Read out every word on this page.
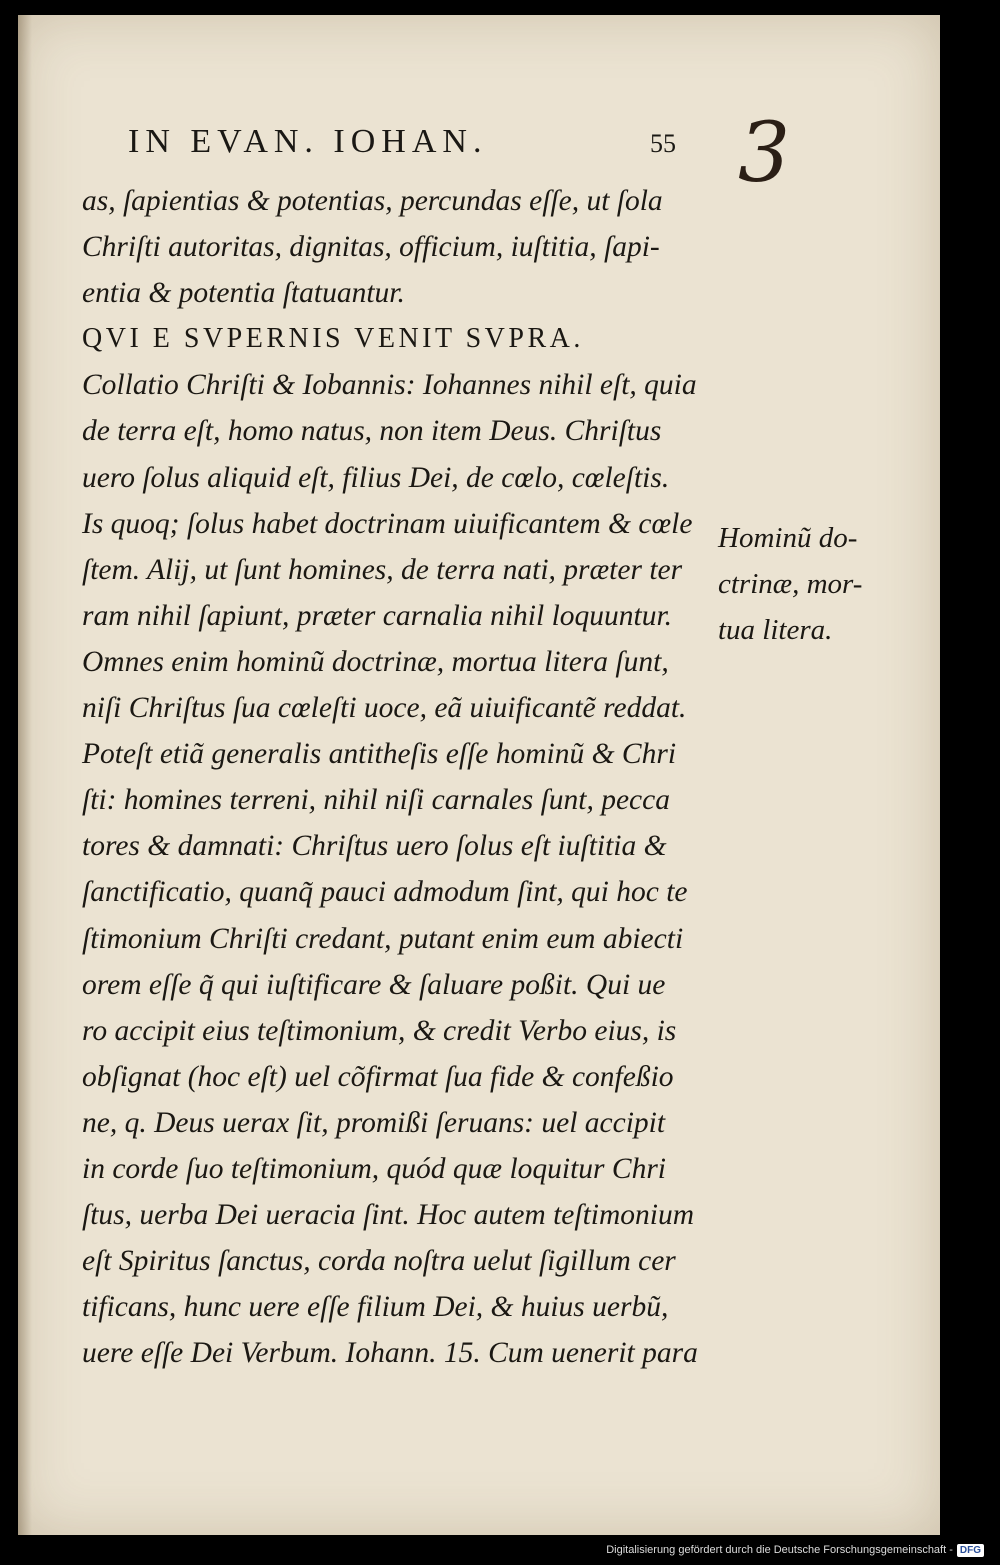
IN EVAN. IOHAN.	55 3
as, ſapientias & potentias, percundas eſſe, ut ſola
Chriſti autoritas, dignitas, officium, iuſtitia, ſapi-
entia & potentia ſtatuantur.
QVI E SVPERNIS VENIT SVPRA.
Collatio Chriſti & Iobannis: Iohannes nihil eſt, quia
de terra eſt, homo natus, non item Deus. Chriſtus
uero ſolus aliquid eſt, filius Dei, de cœlo, cœleſtis.
Is quoq; ſolus habet doctrinam uiuificantem & cœle
ſtem. Alij, ut ſunt homines, de terra nati, præter ter
ram nihil ſapiunt, præter carnalia nihil loquuntur.
Omnes enim hominũ doctrinæ, mortua litera ſunt,
niſi Chriſtus ſua cœleſti uoce, eã uiuificantẽ reddat.
Poteſt etiã generalis antitheſis eſſe hominũ & Chri
ſti: homines terreni, nihil niſi carnales ſunt, pecca
tores & damnati: Chriſtus uero ſolus eſt iuſtitia &
ſanctificatio, quanq̃ pauci admodum ſint, qui hoc te
ſtimonium Chriſti credant, putant enim eum abiecti
orem eſſe q̃ qui iuſtificare & ſaluare poßit. Qui ue
ro accipit eius teſtimonium, & credit Verbo eius, is
obſignat (hoc eſt) uel cõfirmat ſua fide & confeßio
ne, q. Deus uerax ſit, promißi ſeruans: uel accipit
in corde ſuo teſtimonium, quód quæ loquitur Chri
ſtus, uerba Dei ueracia ſint. Hoc autem teſtimonium
eſt Spiritus ſanctus, corda noſtra uelut ſigillum cer
tificans, hunc uere eſſe filium Dei, & huius uerbũ,
uere eſſe Dei Verbum. Iohann. 15. Cum uenerit para
Hominũ do-
ctrinæ, mor-
tua litera.
Digitalisierung gefördert durch die Deutsche Forschungsgemeinschaft - DFG
